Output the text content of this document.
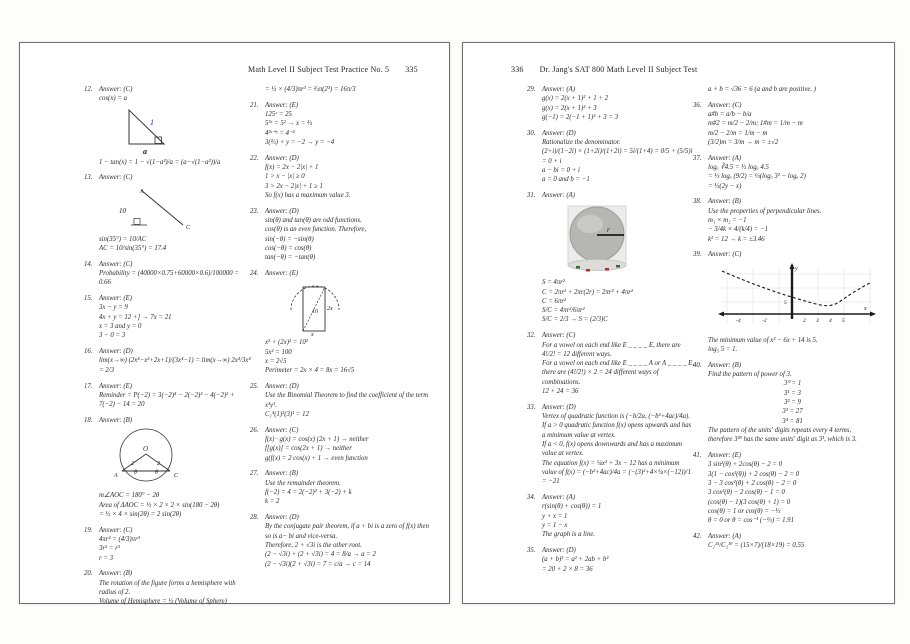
Math Level II Subject Test Practice No. 5 335
12. Answer: (C)
cos(x) = a
1
a
1 − tan(x) = 1 − √(1−a²)/a = (a−√(1−a²))/a
13. Answer: (C)
10
A
C
sin(35°) = 10/AC
AC = 10/sin(35°) = 17.4
14. Answer: (C)
Probability = (40000×0.75+60000×0.6)/100000 = 0.66
15. Answer: (E)
3x − y = 9
4x + y = 12 +] → 7x = 21
x = 3 and y = 0
3 − 0 = 3
16. Answer: (D)
lim(x→∞) (2x⁴−x²+2x+1)/(3x⁴−1) = lim(x→∞) 2x⁴/3x⁴ = 2/3
17. Answer: (E)
Reminder = P(−2) = 3(−2)⁴ − 2(−2)³ − 4(−2)² + 7(−2) − 14 = 20
18. Answer: (B)
O
2	2
θ	θ
A	C
m∠AOC = 180° − 2θ
Area of ΔAOC = ½ × 2 × 2 × sin(180 − 2θ)
= ½ × 4 × sin(2θ) = 2 sin(2θ)
19. Answer: (C)
4πr² = (4/3)πr³
3r² = r³
r = 3
20. Answer: (B)
The rotation of the figure forms a hemisphere with radius of 2.
Volume of Hemisphere = ½ (Volume of Sphere)
= ½ × (4/3)πr³ = ⅔π(2³) = 16π/3
21. Answer: (E)
125ˣ = 25
5³ˣ = 5² → x = ⅔
4³ˣ⁺ʸ = 4⁻²
3(⅔) + y = −2 → y = −4
22. Answer: (D)
f(x) = 2x − 2|x| + 1
1 > x − |x| ≥ 0
3 > 2x − 2|x| + 1 ≥ 1
So f(x) has a maximum value 3.
23. Answer: (D)
sin(θ) and tan(θ) are odd functions.
cos(θ) is an even function. Therefore,
sin(−θ) = −sin(θ)
cos(−θ) = cos(θ)
tan(−θ) = −tan(θ)
24. Answer: (E)
10 2x
x
x² + (2x)² = 10²
5x² = 100
x = 2√5
Perimeter = 2x × 4 = 8x = 16√5
25. Answer: (D)
Use the Binomial Theorem to find the coefficient of the term x³y¹.
C₁⁴(1)³(3)¹ = 12
26. Answer: (C)
f(x) · g(x) = cos(x) (2x + 1) → neither
f[g(x)] = cos(2x + 1) → neither
g(f(x) = 2 cos(x) + 1 → even function
27. Answer: (B)
Use the remainder theorem.
f(−2) = 4 = 2(−2)² + 3(−2) + k
k = 2
28. Answer: (D)
By the conjugate pair theorem, if a + bi is a zero of f(x) then so is a− bi and vice-versa.
Therefore, 2 + √3i is the other root.
(2 − √3i) + (2 + √3i) = 4 = 8/a → a = 2
(2 − √3i)(2 + √3i) = 7 = c/a → c = 14
336 Dr. Jang's SAT 800 Math Level II Subject Test
29. Answer: (A)
g(x) = 2(x + 1)² + 1 + 2
g(x) = 2(x + 1)² + 3
g(−1) = 2(−1 + 1)² + 3 = 3
30. Answer: (D)
Rationalize the denominator.
(2+i)/(1−2i) × (1+2i)/(1+2i) = 5i/(1+4) = 0/5 + (5/5)i = 0 + i
a − bi = 0 + i
a = 0 and b = −1
31. Answer: (A)
r
S = 4πr²
C = 2πr² + 2πr(2r) = 2πr² + 4πr²
C = 6πr²
S/C = 4πr²/6πr²
S/C = 2/3 → S = (2/3)C
32. Answer: (C)
For a vowel on each end like E _ _ _ _ E, there are 4!/2! = 12 different ways.
For a vowel on each end like E _ _ _ _ A or A _ _ _ _ E, there are (4!/2!) × 2 = 24 different ways of combinations.
12 + 24 = 36
33. Answer: (D)
Vertex of quadratic function is (−b/2a, (−b²+4ac)/4a).
If a > 0 quadratic function f(x) opens upwards and has a minimum value at vertex.
If a < 0, f(x) opens downwards and has a maximum value at vertex.
The equation f(x) = ¼x² + 3x − 12 has a minimum value of f(x) = (−b²+4ac)/4a = (−(3)²+4×¼×(−12))/1 = −21
34. Answer: (A)
r(sin(θ) + cos(θ)) = 1
y + x = 1
y = 1 − x
The graph is a line.
35. Answer: (D)
(a + b)² = a² + 2ab + b²
= 20 + 2 × 8 = 36
a + b = √36 = 6 (a and b are positive. )
36. Answer: (C)
a#b = a/b − b/a
m#2 = m/2 − 2/m; 1#m = 1/m − m
m/2 − 2/m = 1/m − m
(3/2)m = 3/m → m = ±√2
37. Answer: (A)
logₐ ∛4.5 = ⅓ logₐ 4.5
= ⅓ logₐ (9/2) = ⅓(logₐ 3² − logₐ 2)
= ⅓(2y − x)
38. Answer: (B)
Use the properties of perpendicular lines.
m₁ × m₂ = −1
− 3/4k × 4/(k/4) = −1
k² = 12 → k = ±3.46
39. Answer: (C)
-4	-2	2 3 4 5
5
x
y
The minimum value of x² − 6x + 14 is 5.
log₅ 5 = 1.
40. Answer: (B)
Find the pattern of power of 3.
3⁰ = 1
3¹ = 3
3² = 9
3³ = 27
3⁴ = 81
The pattern of the units' digits repeats every 4 terms, therefore 3²⁹ has the same units' digit as 3¹, which is 3.
41. Answer: (E)
3 sin²(θ) + 2cos(θ) − 2 = 0
3(1 − cos²(θ)) + 2 cos(θ) − 2 = 0
3 − 3 cos²(θ) + 2 cos(θ) − 2 = 0
3 cos²(θ) − 2 cos(θ) − 1 = 0
(cos(θ) − 1)(3 cos(θ) + 1) = 0
cos(θ) = 1 or cos(θ) = −⅓
θ = 0 or θ = cos⁻¹ (−⅓) = 1.91
42. Answer: (A)
C₂¹⁵/C₂¹⁹ = (15×7)/(18×19) = 0.55
